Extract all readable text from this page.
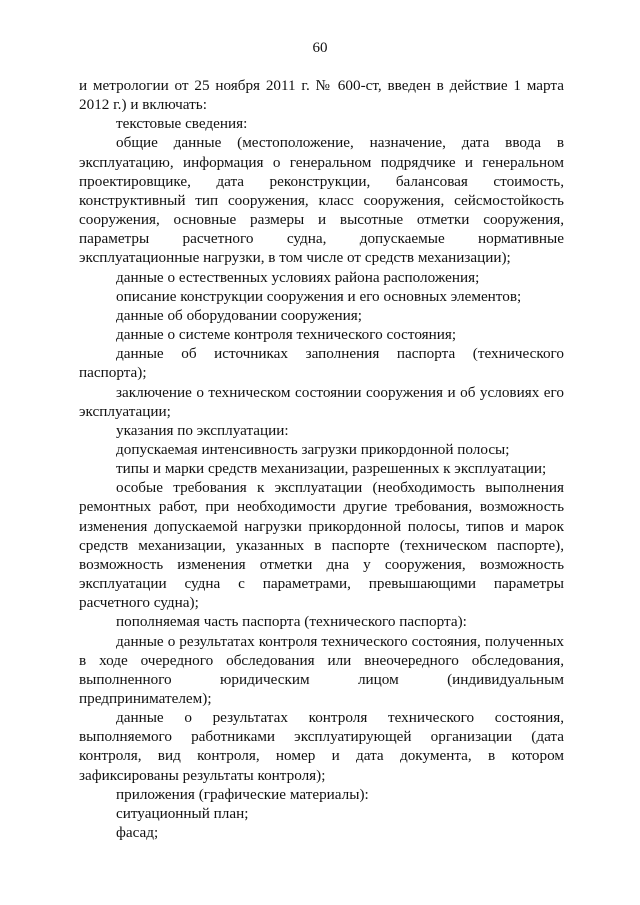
60

и метрологии от 25 ноября 2011 г. № 600-ст, введен в действие 1 марта 2012 г.) и включать:

текстовые сведения:

общие данные (местоположение, назначение, дата ввода в эксплуатацию, информация о генеральном подрядчике и генеральном проектировщике, дата реконструкции, балансовая стоимость, конструктивный тип сооружения, класс сооружения, сейсмостойкость сооружения, основные размеры и высотные отметки сооружения, параметры расчетного судна, допускаемые нормативные эксплуатационные нагрузки, в том числе от средств механизации);

данные о естественных условиях района расположения;

описание конструкции сооружения и его основных элементов;

данные об оборудовании сооружения;

данные о системе контроля технического состояния;

данные об источниках заполнения паспорта (технического паспорта);

заключение о техническом состоянии сооружения и об условиях его эксплуатации;

указания по эксплуатации:

допускаемая интенсивность загрузки прикордонной полосы;

типы и марки средств механизации, разрешенных к эксплуатации;

особые требования к эксплуатации (необходимость выполнения ремонтных работ, при необходимости другие требования, возможность изменения допускаемой нагрузки прикордонной полосы, типов и марок средств механизации, указанных в паспорте (техническом паспорте), возможность изменения отметки дна у сооружения, возможность эксплуатации судна с параметрами, превышающими параметры расчетного судна);

пополняемая часть паспорта (технического паспорта):

данные о результатах контроля технического состояния, полученных в ходе очередного обследования или внеочередного обследования, выполненного юридическим лицом (индивидуальным предпринимателем);

данные о результатах контроля технического состояния, выполняемого работниками эксплуатирующей организации (дата контроля, вид контроля, номер и дата документа, в котором зафиксированы результаты контроля);

приложения (графические материалы):

ситуационный план;

фасад;
